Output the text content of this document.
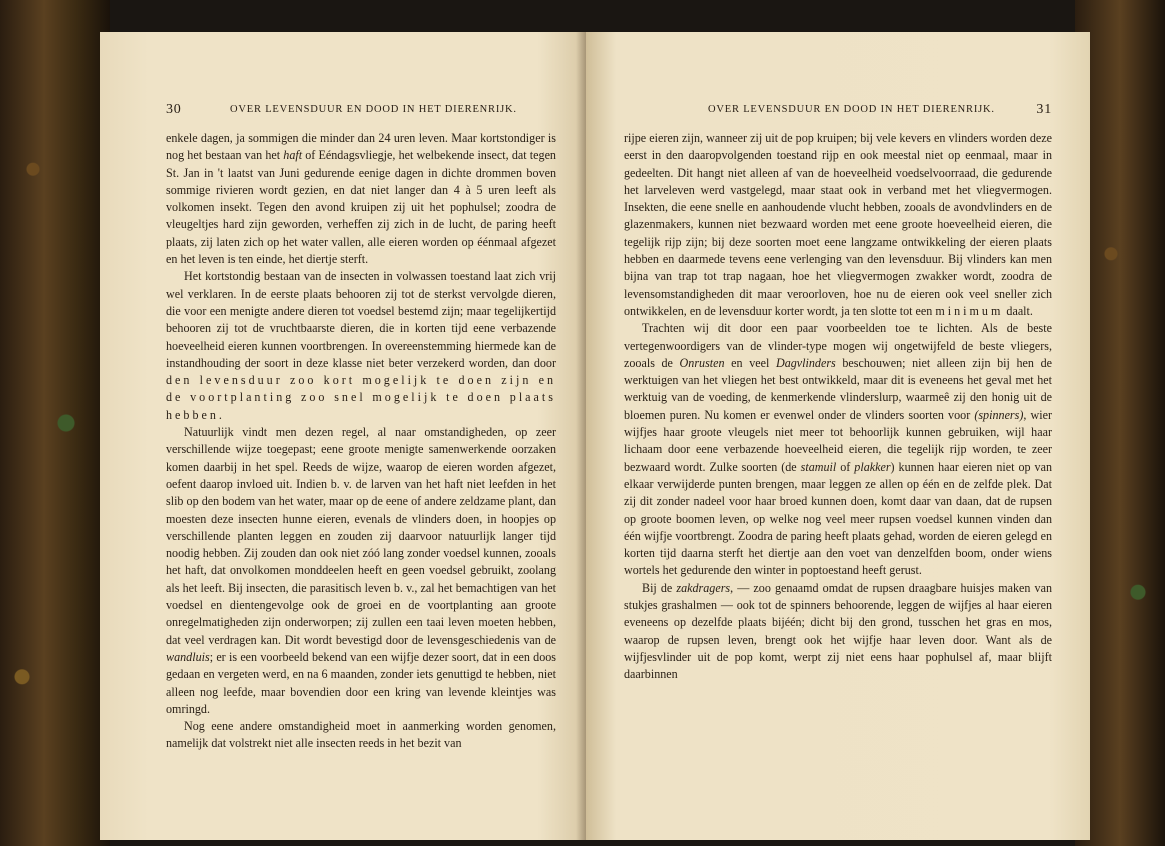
30	OVER LEVENSDUUR EN DOOD IN HET DIERENRIJK.

enkele dagen, ja sommigen die minder dan 24 uren leven. Maar kortstondiger is nog het bestaan van het haft of Eéndagsvliegje, het welbekende insect, dat tegen St. Jan in 't laatst van Juni gedurende eenige dagen in dichte drommen boven sommige rivieren wordt gezien, en dat niet langer dan 4 à 5 uren leeft als volkomen insekt. Tegen den avond kruipen zij uit het pophulsel; zoodra de vleugeltjes hard zijn geworden, verheffen zij zich in de lucht, de paring heeft plaats, zij laten zich op het water vallen, alle eieren worden op éénmaal afgezet en het leven is ten einde, het diertje sterft.

Het kortstondig bestaan van de insecten in volwassen toestand laat zich vrij wel verklaren. In de eerste plaats behooren zij tot de sterkst vervolgde dieren, die voor een menigte andere dieren tot voedsel bestemd zijn; maar tegelijkertijd behooren zij tot de vruchtbaarste dieren, die in korten tijd eene verbazende hoeveelheid eieren kunnen voortbrengen. In overeenstemming hiermede kan de instandhouding der soort in deze klasse niet beter verzekerd worden, dan door den levensduur zoo kort mogelijk te doen zijn en de voortplanting zoo snel mogelijk te doen plaats hebben.

Natuurlijk vindt men dezen regel, al naar omstandigheden, op zeer verschillende wijze toegepast; eene groote menigte samenwerkende oorzaken komen daarbij in het spel. Reeds de wijze, waarop de eieren worden afgezet, oefent daarop invloed uit. Indien b. v. de larven van het haft niet leefden in het slib op den bodem van het water, maar op de eene of andere zeldzame plant, dan moesten deze insecten hunne eieren, evenals de vlinders doen, in hoopjes op verschillende planten leggen en zouden zij daarvoor natuurlijk langer tijd noodig hebben. Zij zouden dan ook niet zóó lang zonder voedsel kunnen, zooals het haft, dat onvolkomen monddeelen heeft en geen voedsel gebruikt, zoolang als het leeft. Bij insecten, die parasitisch leven b. v., zal het bemachtigen van het voedsel en dientengevolge ook de groei en de voortplanting aan groote onregelmatigheden zijn onderworpen; zij zullen een taai leven moeten hebben, dat veel verdragen kan. Dit wordt bevestigd door de levensgeschiedenis van de wandluis; er is een voorbeeld bekend van een wijfje dezer soort, dat in een doos gedaan en vergeten werd, en na 6 maanden, zonder iets genuttigd te hebben, niet alleen nog leefde, maar bovendien door een kring van levende kleintjes was omringd.

Nog eene andere omstandigheid moet in aanmerking worden genomen, namelijk dat volstrekt niet alle insecten reeds in het bezit van

OVER LEVENSDUUR EN DOOD IN HET DIERENRIJK.	31

rijpe eieren zijn, wanneer zij uit de pop kruipen; bij vele kevers en vlinders worden deze eerst in den daaropvolgenden toestand rijp en ook meestal niet op eenmaal, maar in gedeelten. Dit hangt niet alleen af van de hoeveelheid voedselvoorraad, die gedurende het larveleven werd vastgelegd, maar staat ook in verband met het vliegvermogen. Insekten, die eene snelle en aanhoudende vlucht hebben, zooals de avondvlinders en de glazenmakers, kunnen niet bezwaard worden met eene groote hoeveelheid eieren, die tegelijk rijp zijn; bij deze soorten moet eene langzame ontwikkeling der eieren plaats hebben en daarmede tevens eene verlenging van den levensduur. Bij vlinders kan men bijna van trap tot trap nagaan, hoe het vliegvermogen zwakker wordt, zoodra de levensomstandigheden dit maar veroorloven, hoe nu de eieren ook veel sneller zich ontwikkelen, en de levensduur korter wordt, ja ten slotte tot een minimum daalt.

Trachten wij dit door een paar voorbeelden toe te lichten. Als de beste vertegenwoordigers van de vlinder-type mogen wij ongetwijfeld de beste vliegers, zooals de Onrusten en veel Dagvlinders beschouwen; niet alleen zijn bij hen de werktuigen van het vliegen het best ontwikkeld, maar dit is eveneens het geval met het werktuig van de voeding, de kenmerkende vlinderslurp, waarmeê zij den honig uit de bloemen puren. Nu komen er evenwel onder de vlinders soorten voor (spinners), wier wijfjes haar groote vleugels niet meer tot behoorlijk kunnen gebruiken, wijl haar lichaam door eene verbazende hoeveelheid eieren, die tegelijk rijp worden, te zeer bezwaard wordt. Zulke soorten (de stamuil of plakker) kunnen haar eieren niet op van elkaar verwijderde punten brengen, maar leggen ze allen op één en de zelfde plek. Dat zij dit zonder nadeel voor haar broed kunnen doen, komt daar van daan, dat de rupsen op groote boomen leven, op welke nog veel meer rupsen voedsel kunnen vinden dan één wijfje voortbrengt. Zoodra de paring heeft plaats gehad, worden de eieren gelegd en korten tijd daarna sterft het diertje aan den voet van denzelfden boom, onder wiens wortels het gedurende den winter in poptoestand heeft gerust.

Bij de zakdragers, — zoo genaamd omdat de rupsen draagbare huisjes maken van stukjes grashalmen — ook tot de spinners behoorende, leggen de wijfjes al haar eieren eveneens op dezelfde plaats bijéén; dicht bij den grond, tusschen het gras en mos, waarop de rupsen leven, brengt ook het wijfje haar leven door. Want als de wijfjesvlinder uit de pop komt, werpt zij niet eens haar pophulsel af, maar blijft daarbinnen
